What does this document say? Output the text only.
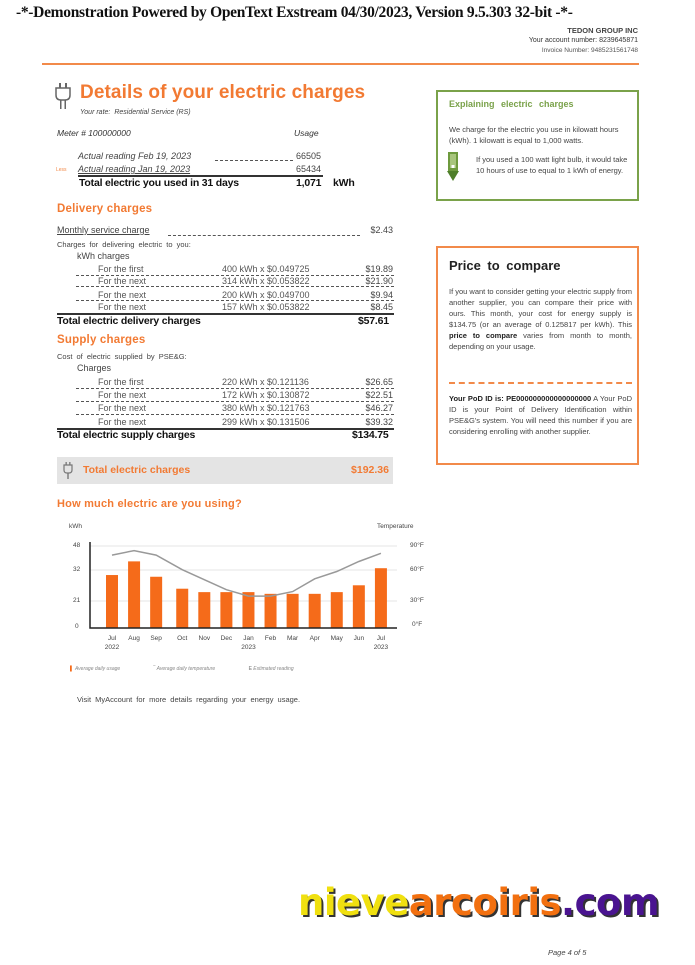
-*-Demonstration Powered by OpenText Exstream 04/30/2023, Version 9.5.303 32-bit -*-
TEDON GROUP INC
Your account number: 8239645871
Invoice Number: 9485231561748
Details of your electric charges
Your rate: Residential Service (RS)
Meter # 100000000	Usage
Actual reading Feb 19, 2023	66505
Less Actual reading Jan 19, 2023	65434
Total electric you used in 31 days	1,071 kWh
Delivery charges
Monthly service charge	$2.43
Charges for delivering electric to you:
kWh charges
For the first	400 kWh x $0.049725	$19.89
For the next	314 kWh x $0.053822	$21.90
For the next	200 kWh x $0.049700	$9.94
For the next	157 kWh x $0.053822	$8.45
Total electric delivery charges	$57.61
Supply charges
Cost of electric supplied by PSE&G:
Charges
For the first	220 kWh x $0.121136	$26.65
For the next	172 kWh x $0.130872	$22.51
For the next	380 kWh x $0.121763	$46.27
For the next	299 kWh x $0.131506	$39.32
Total electric supply charges	$134.75
Total electric charges	$192.36
How much electric are you using?
kWh	Temperature
48
32
21
0
90°F
60°F
30°F
0°F
Jul
2022
Aug	Sep	Oct	Nov	Dec	Jan
2023
Feb	Mar	Apr	May	Jun	Jul
2023
▌ Average daily usage	‾ Average daily temperature	E Estimated reading
Visit MyAccount for more details regarding your energy usage.
Explaining electric charges
We charge for the electric you use in kilowatt hours (kWh). 1 kilowatt is equal to 1,000 watts.
If you used a 100 watt light bulb, it would take 10 hours of use to equal to 1 kWh of energy.
Price to compare
If you want to consider getting your electric supply from another supplier, you can compare their price with ours. This month, your cost for energy supply is $134.75 (or an average of 0.125817 per kWh). This price to compare varies from month to month, depending on your usage.
Your PoD ID is: PE000000000000000000 A Your PoD ID is your Point of Delivery Identification within PSE&G's system. You will need this number if you are considering enrolling with another supplier.
nievearcoiris.com
Page 4 of 5
